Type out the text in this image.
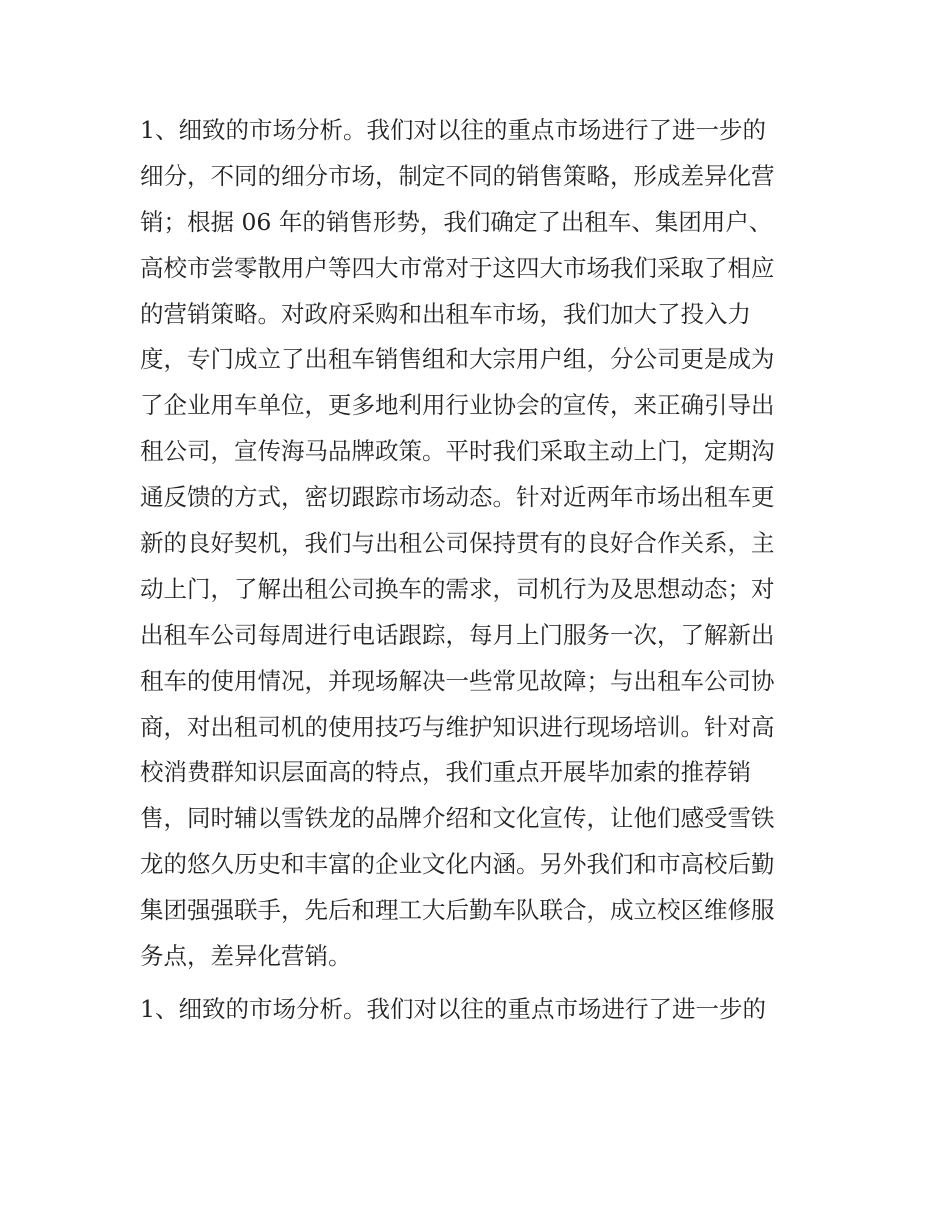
1、细致的市场分析。我们对以往的重点市场进行了进一步的
细分，不同的细分市场，制定不同的销售策略，形成差异化营
销；根据 06 年的销售形势，我们确定了出租车、集团用户、
高校市尝零散用户等四大市常对于这四大市场我们采取了相应
的营销策略。对政府采购和出租车市场，我们加大了投入力
度，专门成立了出租车销售组和大宗用户组，分公司更是成为
了企业用车单位，更多地利用行业协会的宣传，来正确引导出
租公司，宣传海马品牌政策。平时我们采取主动上门，定期沟
通反馈的方式，密切跟踪市场动态。针对近两年市场出租车更
新的良好契机，我们与出租公司保持贯有的良好合作关系，主
动上门，了解出租公司换车的需求，司机行为及思想动态；对
出租车公司每周进行电话跟踪，每月上门服务一次，了解新出
租车的使用情况，并现场解决一些常见故障；与出租车公司协
商，对出租司机的使用技巧与维护知识进行现场培训。针对高
校消费群知识层面高的特点，我们重点开展毕加索的推荐销
售，同时辅以雪铁龙的品牌介绍和文化宣传，让他们感受雪铁
龙的悠久历史和丰富的企业文化内涵。另外我们和市高校后勤
集团强强联手，先后和理工大后勤车队联合，成立校区维修服
务点，差异化营销。
1、细致的市场分析。我们对以往的重点市场进行了进一步的
